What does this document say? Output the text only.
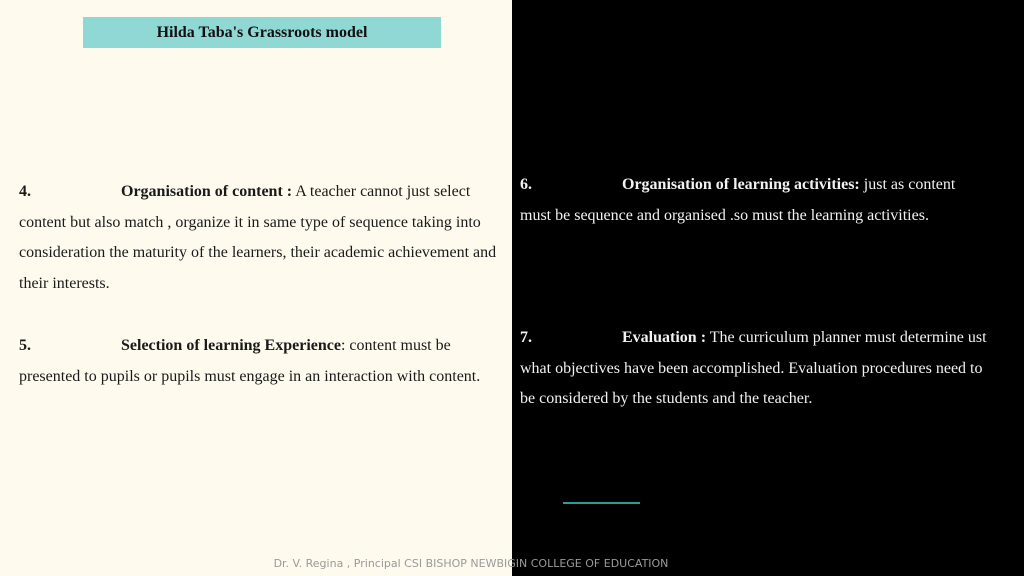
Hilda Taba's Grassroots model
4.	Organisation of content : A teacher cannot just select content but also match , organize it in same type of sequence taking into consideration the maturity of the learners, their academic achievement and their interests.
5.	Selection of learning Experience: content must be presented to pupils or pupils must engage in an interaction with content.
6.	Organisation of learning activities: just as content must be sequence and organised .so must the learning activities.
7.	Evaluation : The curriculum planner must determine ust what objectives have been accomplished. Evaluation procedures need to be considered by the students and the teacher.
Dr. V. Regina , Principal CSI BISHOP NEWBIGIN COLLEGE OF EDUCATION
